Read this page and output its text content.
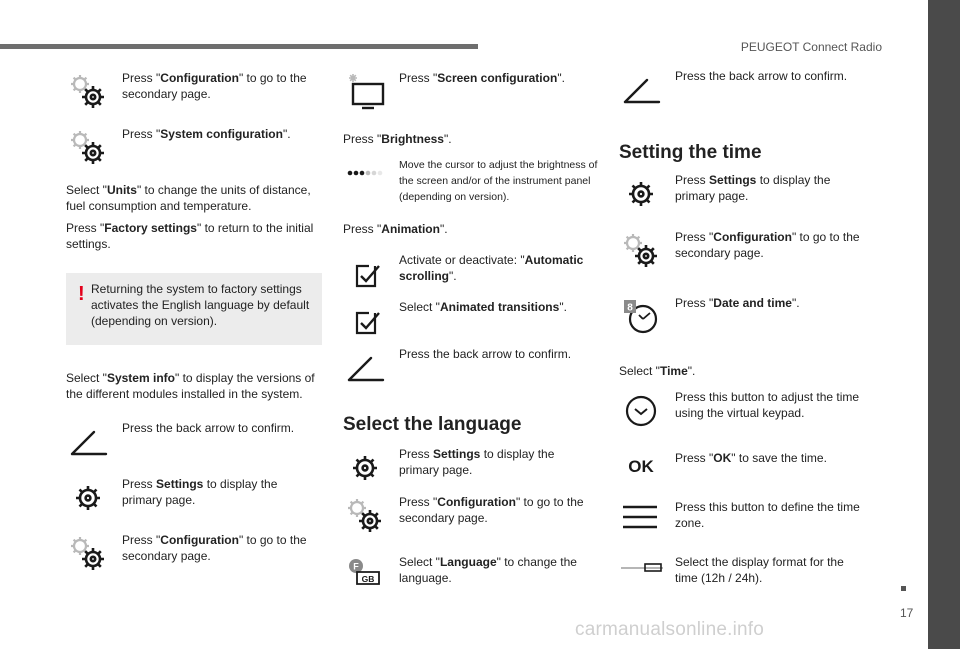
PEUGEOT Connect Radio
17
carmanualsonline.info
Press "Configuration" to go to the secondary page.
Press "System configuration".
Select "Units" to change the units of distance, fuel consumption and temperature.
Press "Factory settings" to return to the initial settings.
! Returning the system to factory settings activates the English language by default (depending on version).
Select "System info" to display the versions of the different modules installed in the system.
Press the back arrow to confirm.
Press Settings to display the primary page.
Press "Configuration" to go to the secondary page.
Press "Screen configuration".
Press "Brightness".
Move the cursor to adjust the brightness of the screen and/or of the instrument panel (depending on version).
Press "Animation".
Activate or deactivate: "Automatic scrolling".
Select "Animated transitions".
Press the back arrow to confirm.
Select the language
Press Settings to display the primary page.
Press "Configuration" to go to the secondary page.
F
GB
Select "Language" to change the language.
Press the back arrow to confirm.
Setting the time
Press Settings to display the primary page.
Press "Configuration" to go to the secondary page.
8	Press "Date and time".
Select "Time".
Press this button to adjust the time using the virtual keypad.
OK Press "OK" to save the time.
Press this button to define the time zone.
Select the display format for the time (12h / 24h).
